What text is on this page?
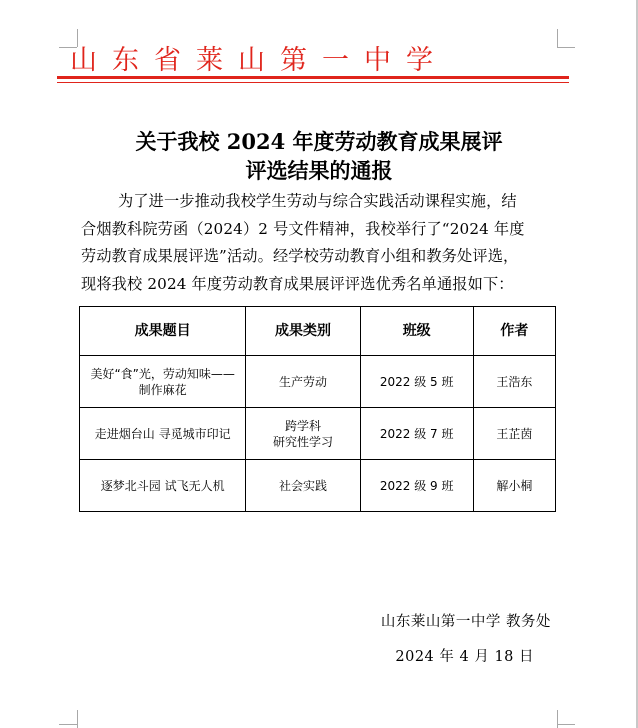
山东省莱山第一中学
关于我校 2024 年度劳动教育成果展评
评选结果的通报
为了进一步推动我校学生劳动与综合实践活动课程实施，结
合烟教科院劳函（2024）2 号文件精神，我校举行了“2024 年度
劳动教育成果展评选”活动。经学校劳动教育小组和教务处评选，
现将我校 2024 年度劳动教育成果展评评选优秀名单通报如下：
成果题目	成果类别	班级	作者

美好“食”光，劳动知味——
制作麻花	生产劳动	2022 级 5 班	王浩东

走进烟台山 寻觅城市印记	跨学科
研究性学习	2022 级 7 班	王芷茵

逐梦北斗园 试飞无人机	社会实践	2022 级 9 班	解小桐
山东莱山第一中学 教务处
2024 年 4 月 18 日
